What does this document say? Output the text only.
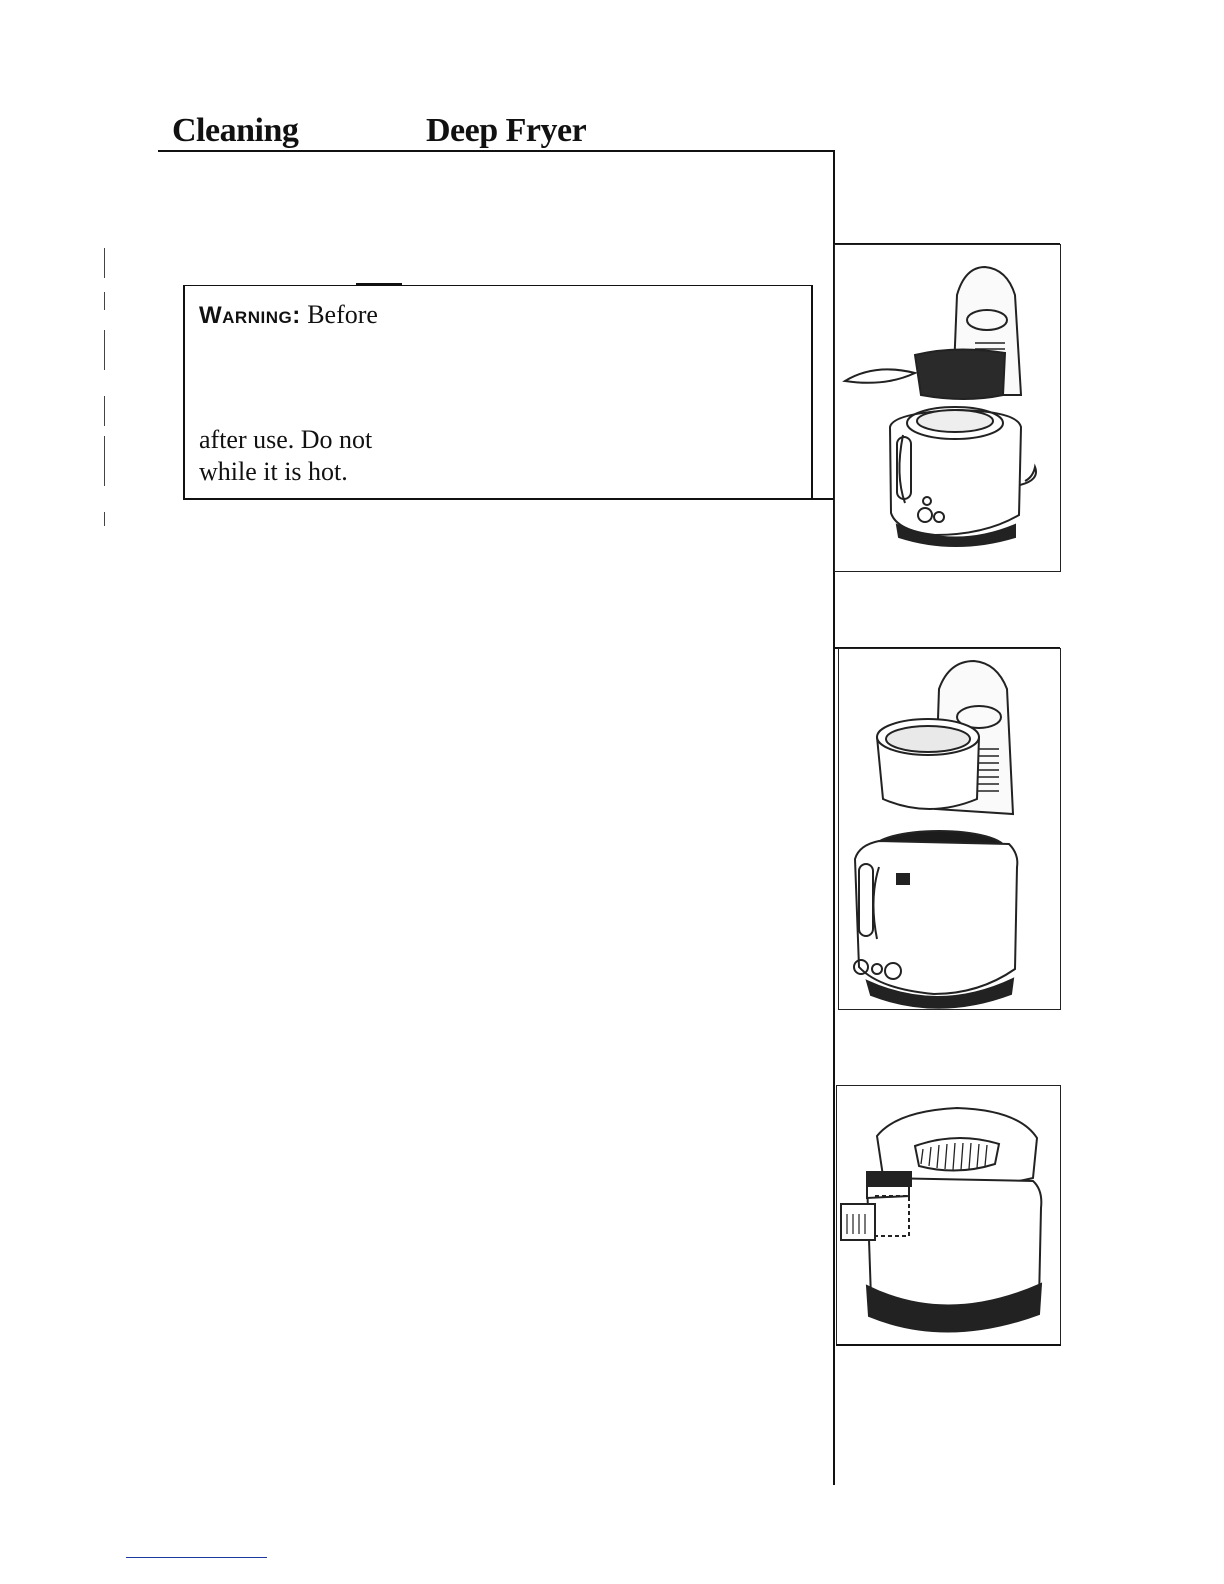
Cleaning	Deep Fryer
Warning: Before
after use. Do not
while it is hot.
